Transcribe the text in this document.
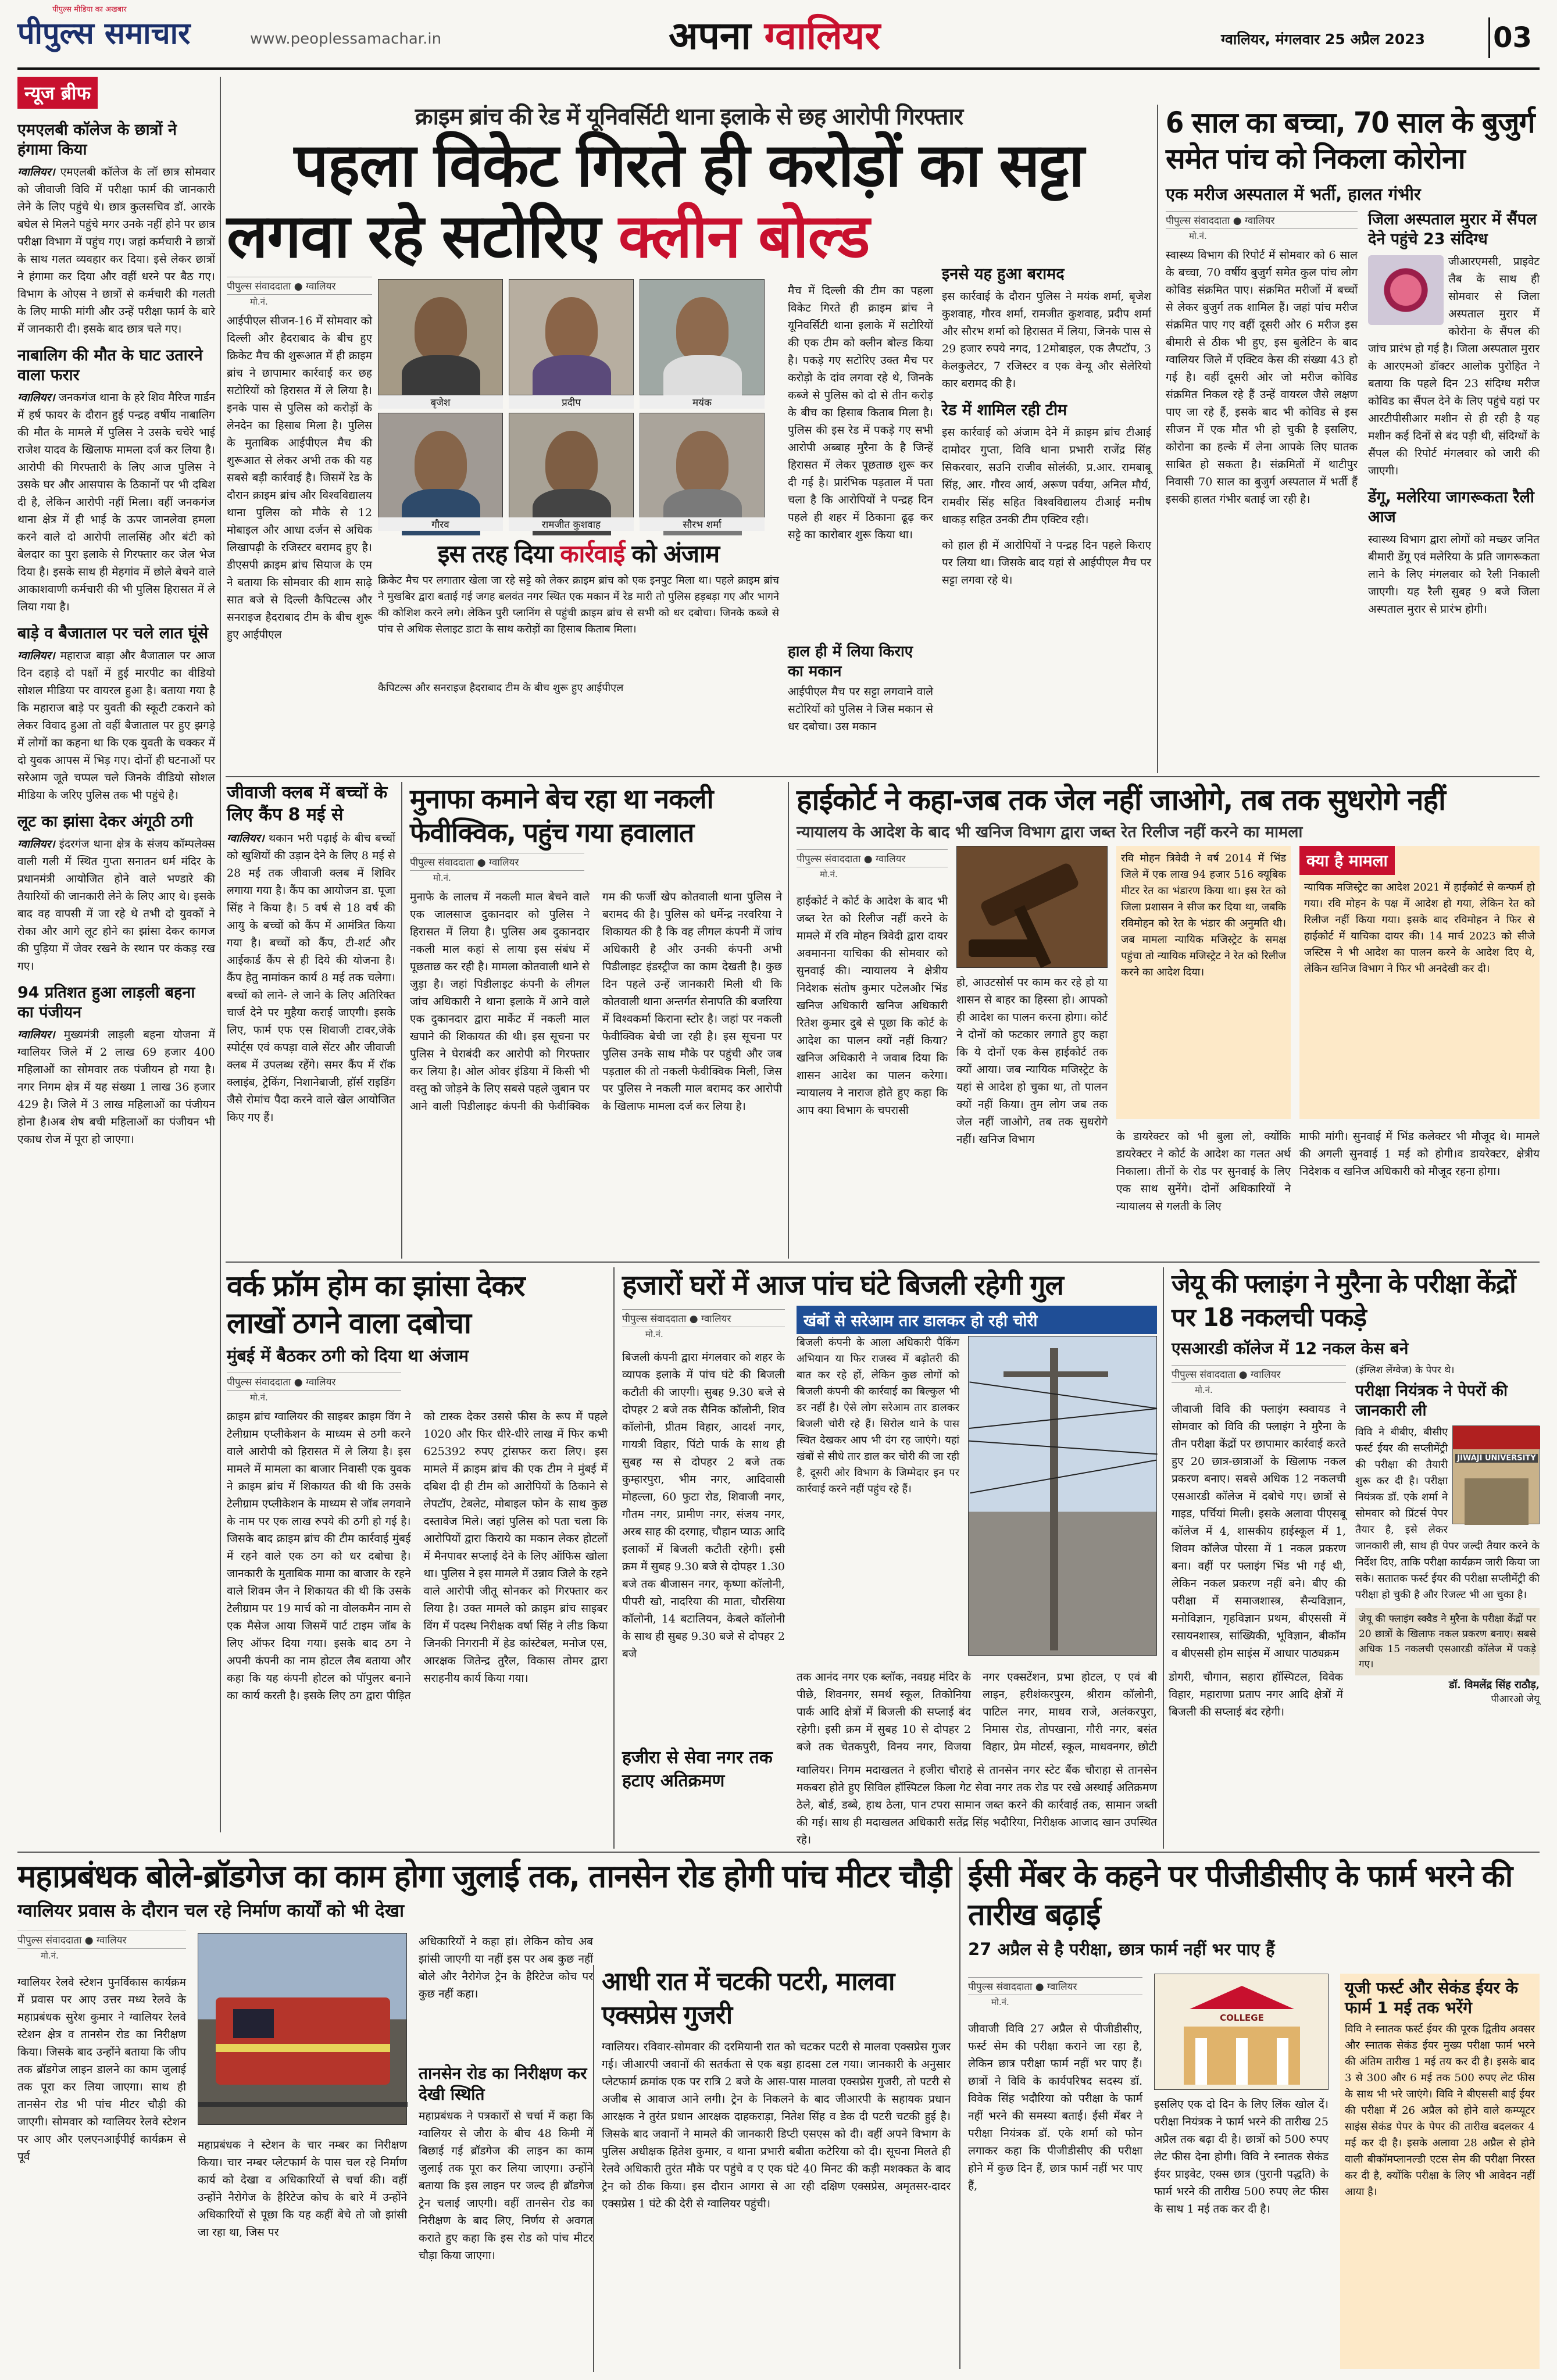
पीपुल्स मीडिया का अखबार
पीपुल्स समाचार	www.peoplessamachar.in	अपना ग्वालियर	ग्वालियर, मंगलवार 25 अप्रैल 2023 03
न्यूज ब्रीफ
एमएलबी कॉलेज के छात्रों ने हंगामा किया
ग्वालियर। एमएलबी कॉलेज के लॉ छात्र सोमवार को जीवाजी विवि में परीक्षा फार्म की जानकारी लेने के लिए पहुंचे थे। छात्र कुलसचिव डॉ. आरके बघेल से मिलने पहुंचे मगर उनके नहीं होने पर छात्र परीक्षा विभाग में पहुंच गए। जहां कर्मचारी ने छात्रों के साथ गलत व्यवहार कर दिया। इसे लेकर छात्रों ने हंगामा कर दिया और वहीं धरने पर बैठ गए। विभाग के ओएस ने छात्रों से कर्मचारी की गलती के लिए माफी मांगी और उन्हें परीक्षा फार्म के बारे में जानकारी दी। इसके बाद छात्र चले गए।
नाबालिग की मौत के घाट उतारने वाला फरार
ग्वालियर। जनकगंज थाना के हरे शिव मैरिज गार्डन में हर्ष फायर के दौरान हुई पन्द्रह वर्षीय नाबालिग की मौत के मामले में पुलिस ने उसके चचेरे भाई राजेश यादव के खिलाफ मामला दर्ज कर लिया है। आरोपी की गिरफ्तारी के लिए आज पुलिस ने उसके घर और आसपास के ठिकानों पर भी दबिश दी है, लेकिन आरोपी नहीं मिला। वहीं जनकगंज थाना क्षेत्र में ही भाई के ऊपर जानलेवा हमला करने वाले दो आरोपी लालसिंह और बंटी को बेलदार का पुरा इलाके से गिरफ्तार कर जेल भेज दिया है। इसके साथ ही मेहगांव में छोले बेचने वाले आकाशवाणी कर्मचारी की भी पुलिस हिरासत में ले लिया गया है।
बाड़े व बैजाताल पर चले लात घूंसे
ग्वालियर। महाराज बाड़ा और बैजाताल पर आज दिन दहाड़े दो पक्षों में हुई मारपीट का वीडियो सोशल मीडिया पर वायरल हुआ है। बताया गया है कि महाराज बाड़े पर युवती की स्कूटी टकराने को लेकर विवाद हुआ तो वहीं बैजाताल पर हुए झगड़े में लोगों का कहना था कि एक युवती के चक्कर में दो युवक आपस में भिड़ गए। दोनों ही घटनाओं पर सरेआम जूते चप्पल चले जिनके वीडियो सोशल मीडिया के जरिए पुलिस तक भी पहुंचे है।
लूट का झांसा देकर अंगूठी ठगी
ग्वालियर। इंदरगंज थाना क्षेत्र के संजय कॉम्पलेक्स वाली गली में स्थित गुप्ता सनातन धर्म मंदिर के प्रधानमंत्री आयोजित होने वाले भण्डारे की तैयारियों की जानकारी लेने के लिए आए थे। इसके बाद वह वापसी में जा रहे थे तभी दो युवकों ने रोका और आगे लूट होने का झांसा देकर कागज की पुड़िया में जेवर रखने के स्थान पर कंकड़ रख गए।
94 प्रतिशत हुआ लाड़ली बहना का पंजीयन
ग्वालियर। मुख्यमंत्री लाड़ली बहना योजना में ग्वालियर जिले में 2 लाख 69 हजार 400 महिलाओं का सोमवार तक पंजीयन हो गया है। नगर निगम क्षेत्र में यह संख्या 1 लाख 36 हजार 429 है। जिले में 3 लाख महिलाओं का पंजीयन होना है।अब शेष बची महिलाओं का पंजीयन भी एकाध रोज में पूरा हो जाएगा।
क्राइम ब्रांच की रेड में यूनिवर्सिटी थाना इलाके से छह आरोपी गिरफ्तार
पहला विकेट गिरते ही करोड़ों का सट्टा
लगवा रहे सटोरिए क्लीन बोल्ड
पीपुल्स संवाददाता ● ग्वालियर
मो.नं.
आईपीएल सीजन-16 में सोमवार को दिल्ली और हैदराबाद के बीच हुए क्रिकेट मैच की शुरूआत में ही क्राइम ब्रांच ने छापामार कार्रवाई कर छह सटोरियों को हिरासत में ले लिया है। इनके पास से पुलिस को करोड़ों के लेनदेन का हिसाब मिला है। पुलिस के मुताबिक आईपीएल मैच की शुरूआत से लेकर अभी तक की यह सबसे बड़ी कार्रवाई है। जिसमें रेड के दौरान क्राइम ब्रांच और विश्वविद्यालय थाना पुलिस को मौके से 12 मोबाइल और आधा दर्जन से अधिक लिखापढ़ी के रजिस्टर बरामद हुए है। डीएसपी क्राइम ब्रांच सियाज के एम ने बताया कि सोमवार की शाम साढ़े सात बजे से दिल्ली कैपिटल्स और सनराइज हैदराबाद टीम के बीच शुरू हुए आईपीएल
बृजेश	प्रदीप	मयंक
गौरव	रामजीत कुशवाह	सौरभ शर्मा
इस तरह दिया कार्रवाई को अंजाम
क्रिकेट मैच पर लगातार खेला जा रहे सट्टे को लेकर क्राइम ब्रांच को एक इनपुट मिला था। पहले क्राइम ब्रांच ने मुखबिर द्वारा बताई गई जगह बलवंत नगर स्थित एक मकान में रेड मारी तो पुलिस हड़बड़ा गए और भागने की कोशिश करने लगे। लेकिन पुरी प्लानिंग से पहुंची क्राइम ब्रांच से सभी को धर दबोचा। जिनके कब्जे से पांच से अधिक सेलाइट डाटा के साथ करोड़ों का हिसाब किताब मिला।
कैपिटल्स और सनराइज हैदराबाद टीम के बीच शुरू हुए आईपीएल
मैच में दिल्ली की टीम का पहला विकेट गिरते ही क्राइम ब्रांच ने यूनिवर्सिटी थाना इलाके में सटोरियों की एक टीम को क्लीन बोल्ड किया है। पकड़े गए सटोरिए उक्त मैच पर करोड़ो के दांव लगवा रहे थे, जिनके कब्जे से पुलिस को दो से तीन करोड़ के बीच का हिसाब किताब मिला है। पुलिस की इस रेड में पकड़े गए सभी आरोपी अब्बाह मुरैना के है जिन्हें हिरासत में लेकर पूछताछ शुरू कर दी गई है। प्रारंभिक पड़ताल में पता चला है कि आरोपियों ने पन्द्रह दिन पहले ही शहर में ठिकाना ढूढ़ कर सट्टे का कारोबार शुरू किया था।
हाल ही में लिया किराए का मकान
आईपीएल मैच पर सट्टा लगवाने वाले सटोरियों को पुलिस ने जिस मकान से धर दबोचा। उस मकान
इनसे यह हुआ बरामद
इस कार्रवाई के दौरान पुलिस ने मयंक शर्मा, बृजेश कुशवाह, गौरव शर्मा, रामजीत कुशवाह, प्रदीप शर्मा और सौरभ शर्मा को हिरासत में लिया, जिनके पास से 29 हजार रुपये नगद, 12मोबाइल, एक लैपटॉप, 3 केलकुलेटर, 7 रजिस्टर व एक वेन्यू और सेलेरियो कार बरामद की है।
रेड में शामिल रही टीम
इस कार्रवाई को अंजाम देने में क्राइम ब्रांच टीआई दामोदर गुप्ता, विवि थाना प्रभारी राजेंद्र सिंह सिकरवार, सउनि राजीव सोलंकी, प्र.आर. रामबाबू सिंह, आर. गौरव आर्य, अरूण पर्वया, अनिल मौर्य, रामवीर सिंह सहित विश्वविद्यालय टीआई मनीष धाकड़ सहित उनकी टीम एक्टिव रही।
को हाल ही में आरोपियों ने पन्द्रह दिन पहले किराए पर लिया था। जिसके बाद यहां से आईपीएल मैच पर सट्टा लगवा रहे थे।
6 साल का बच्चा, 70 साल के बुजुर्ग समेत पांच को निकला कोरोना
एक मरीज अस्पताल में भर्ती, हालत गंभीर
पीपुल्स संवाददाता ● ग्वालियर
मो.नं.
स्वास्थ्य विभाग की रिपोर्ट में सोमवार को 6 साल के बच्चा, 70 वर्षीय बुजुर्ग समेत कुल पांच लोग कोविड संक्रमित पाए। संक्रमित मरीजों में बच्चों से लेकर बुजुर्ग तक शामिल हैं। जहां पांच मरीज संक्रमित पाए गए वहीं दूसरी ओर 6 मरीज इस बीमारी से ठीक भी हुए, इस बुलेटिन के बाद ग्वालियर जिले में एक्टिव केस की संख्या 43 हो गई है। वहीं दूसरी ओर जो मरीज कोविड संक्रमित निकल रहे हैं उन्हें वायरल जैसे लक्षण पाए जा रहे हैं, इसके बाद भी कोविड से इस सीजन में एक मौत भी हो चुकी है इसलिए, कोरोना का हल्के में लेना आपके लिए घातक साबित हो सकता है। संक्रमितों में थाटीपुर निवासी 70 साल का बुजुर्ग अस्पताल में भर्ती हैं इसकी हालत गंभीर बताई जा रही है।
जिला अस्पताल मुरार में सैंपल देने पहुंचे 23 संदिग्ध
जीआरएमसी, प्राइवेट लैब के साथ ही सोमवार से जिला अस्पताल मुरार में कोरोना के सैंपल की जांच प्रारंभ हो गई है। जिला अस्पताल मुरार के आरएमओ डॉक्टर आलोक पुरोहित ने बताया कि पहले दिन 23 संदिग्ध मरीज कोविड का सैंपल देने के लिए पहुंचे यहां पर आरटीपीसीआर मशीन से ही रही है यह मशीन कई दिनों से बंद पड़ी थी, संदिग्धों के सैंपल की रिपोर्ट मंगलवार को जारी की जाएगी।
डेंगू, मलेरिया जागरूकता रैली आज
स्वास्थ्य विभाग द्वारा लोगों को मच्छर जनित बीमारी डेंगू एवं मलेरिया के प्रति जागरूकता लाने के लिए मंगलवार को रैली निकाली जाएगी। यह रैली सुबह 9 बजे जिला अस्पताल मुरार से प्रारंभ होगी।
जीवाजी क्लब में बच्चों के लिए कैंप 8 मई से
ग्वालियर। थकान भरी पढ़ाई के बीच बच्चों को खुशियों की उड़ान देने के लिए 8 मई से 28 मई तक जीवाजी क्लब में शिविर लगाया गया है। कैंप का आयोजन डा. पूजा सिंह ने किया है। 5 वर्ष से 18 वर्ष की आयु के बच्चों को कैंप में आमंत्रित किया गया है। बच्चों को कैंप, टी-शर्ट और आईकार्ड कैंप से ही दिये की योजना है। कैंप हेतु नामांकन कार्य 8 मई तक चलेगा। बच्चों को लाने- ले जाने के लिए अतिरिक्त चार्ज देने पर मुहैया कराई जाएगी। इसके लिए, फार्म एफ एस शिवाजी टावर,जेके स्पोर्ट्स एवं कपड़ा वाले सेंटर और जीवाजी क्लब में उपलब्ध रहेंगे। समर कैंप में रॉक क्लाइंब, ट्रेकिंग, निशानेबाजी, हॉर्स राइडिंग जैसे रोमांच पैदा करने वाले खेल आयोजित किए गए हैं।
मुनाफा कमाने बेच रहा था नकली फेवीक्विक, पहुंच गया हवालात
पीपुल्स संवाददाता ● ग्वालियर
मो.नं.
मुनाफे के लालच में नकली माल बेचने वाले एक जालसाज दुकानदार को पुलिस ने हिरासत में लिया है। पुलिस अब दुकानदार नकली माल कहां से लाया इस संबंध में पूछताछ कर रही है। मामला कोतवाली थाने से जुड़ा है। जहां पिडीलाइट कंपनी के लीगल जांच अधिकारी ने थाना इलाके में आने वाले एक दुकानदार द्वारा मार्केट में नकली माल खपाने की शिकायत की थी। इस सूचना पर पुलिस ने घेराबंदी कर आरोपी को गिरफ्तार कर लिया है। ओल ओवर इंडिया में किसी भी वस्तु को जोड़ने के लिए सबसे पहले जुबान पर आने वाली पिडीलाइट कंपनी की फेवीक्विक गम की फर्जी खेप कोतवाली थाना पुलिस ने बरामद की है। पुलिस को धर्मेन्द्र नरवरिया ने शिकायत की है कि वह लीगल कंपनी में जांच अधिकारी है और उनकी कंपनी अभी पिडीलाइट इंडस्ट्रीज का काम देखती है। कुछ दिन पहले उन्हें जानकारी मिली थी कि कोतवाली थाना अन्तर्गत सेनापति की बजरिया में विश्वकर्मा किराना स्टोर है। जहां पर नकली फेवीक्विक बेची जा रही है। इस सूचना पर पुलिस उनके साथ मौके पर पहुंची और जब पड़ताल की तो नकली फेवीक्विक मिली, जिस पर पुलिस ने नकली माल बरामद कर आरोपी के खिलाफ मामला दर्ज कर लिया है।
हाईकोर्ट ने कहा-जब तक जेल नहीं जाओगे, तब तक सुधरोगे नहीं
न्यायालय के आदेश के बाद भी खनिज विभाग द्वारा जब्त रेत रिलीज नहीं करने का मामला
पीपुल्स संवाददाता ● ग्वालियर
मो.नं.
हाईकोर्ट ने कोर्ट के आदेश के बाद भी जब्त रेत को रिलीज नहीं करने के मामले में रवि मोहन त्रिवेदी द्वारा दायर अवमानना याचिका की सोमवार को सुनवाई की। न्यायालय ने क्षेत्रीय निदेशक संतोष कुमार पटेलऔर भिंड खनिज अधिकारी खनिज अधिकारी रितेश कुमार दुबे से पूछा कि कोर्ट के आदेश का पालन क्यों नहीं किया? खनिज अधिकारी ने जवाब दिया कि शासन आदेश का पालन करेगा। न्यायालय ने नाराज होते हुए कहा कि आप क्या विभाग के चपरासी
हो, आउटसोर्स पर काम कर रहे हो या शासन से बाहर का हिस्सा हो। आपको ही आदेश का पालन करना होगा। कोर्ट ने दोनों को फटकार लगाते हुए कहा कि ये दोनों एक केस हाईकोर्ट तक क्यों आया। जब न्यायिक मजिस्ट्रेट के यहां से आदेश हो चुका था, तो पालन क्यों नहीं किया। तुम लोग जब तक जेल नहीं जाओगे, तब तक सुधरोगे नहीं। खनिज विभाग
रवि मोहन त्रिवेदी ने वर्ष 2014 में भिंड जिले में एक लाख 94 हजार 516 क्यूबिक मीटर रेत का भंडारण किया था। इस रेत को जिला प्रशासन ने सीज कर दिया था, जबकि रविमोहन को रेत के भंडार की अनुमति थी। जब मामला न्यायिक मजिस्ट्रेट के समक्ष पहुंचा तो न्यायिक मजिस्ट्रेट ने रेत को रिलीज करने का आदेश दिया।
क्या है मामला
न्यायिक मजिस्ट्रेट का आदेश 2021 में हाईकोर्ट से कन्फर्म हो गया। रवि मोहन के पक्ष में आदेश हो गया, लेकिन रेत को रिलीज नहीं किया गया। इसके बाद रविमोहन ने फिर से हाईकोर्ट में याचिका दायर की। 14 मार्च 2023 को सीजे जस्टिस ने भी आदेश का पालन करने के आदेश दिए थे, लेकिन खनिज विभाग ने फिर भी अनदेखी कर दी।
के डायरेक्टर को भी बुला लो, क्योंकि डायरेक्टर ने कोर्ट के आदेश का गलत अर्थ निकाला। तीनों के रोड पर सुनवाई के लिए एक साथ सुनेंगे। दोनों अधिकारियों ने न्यायालय से गलती के लिए
माफी मांगी। सुनवाई में भिंड कलेक्टर भी मौजूद थे। मामले की अगली सुनवाई 1 मई को होगी।व डायरेक्टर, क्षेत्रीय निदेशक व खनिज अधिकारी को मौजूद रहना होगा।
वर्क फ्रॉम होम का झांसा देकर
लाखों ठगने वाला दबोचा
मुंबई में बैठकर ठगी को दिया था अंजाम
पीपुल्स संवाददाता ● ग्वालियर
मो.नं.
क्राइम ब्रांच ग्वालियर की साइबर क्राइम विंग ने टेलीग्राम एप्लीकेशन के माध्यम से ठगी करने वाले आरोपी को हिरासत में ले लिया है। इस मामले में मामला का बाजार निवासी एक युवक ने क्राइम ब्रांच में शिकायत की थी कि उसके टेलीग्राम एप्लीकेशन के माध्यम से जॉब लगवाने के नाम पर एक लाख रुपये की ठगी हो गई है। जिसके बाद क्राइम ब्रांच की टीम कार्रवाई मुंबई में रहने वाले एक ठग को धर दबोचा है। जानकारी के मुताबिक मामा का बाजार के रहने वाले शिवम जैन ने शिकायत की थी कि उसके टेलीग्राम पर 19 मार्च को ना वोलकमैन नाम से एक मैसेज आया जिसमें पार्ट टाइम जॉब के लिए ऑफर दिया गया। इसके बाद ठग ने अपनी कंपनी का नाम होटल लैब बताया और कहा कि यह कंपनी होटल को पॉपुलर बनाने का कार्य करती है। इसके लिए ठग द्वारा पीड़ित को टास्क देकर उससे फीस के रूप में पहले 1020 और फिर धीरे-धीरे लाख में फिर कभी 625392 रुपए ट्रांसफर करा लिए। इस मामले में क्राइम ब्रांच की एक टीम ने मुंबई में दबिश दी ही टीम को आरोपियों के ठिकाने से लेपटॉप, टेबलेट, मोबाइल फोन के साथ कुछ दस्तावेज मिले। जहां पुलिस को पता चला कि आरोपियों द्वारा किराये का मकान लेकर होटलों में मैनपावर सप्लाई देने के लिए ऑफिस खोला था। पुलिस ने इस मामले में उन्नाव जिले के रहने वाले आरोपी जीतू सोनकर को गिरफ्तार कर लिया है। उक्त मामले को क्राइम ब्रांच साइबर विंग में पदस्थ निरीक्षक वर्षा सिंह ने लीड किया जिनकी निगरानी में हेड कांस्टेबल, मनोज एस, आरक्षक जितेन्द्र तुरैल, विकास तोमर द्वारा सराहनीय कार्य किया गया।
हजारों घरों में आज पांच घंटे बिजली रहेगी गुल
पीपुल्स संवाददाता ● ग्वालियर
मो.नं.
बिजली कंपनी द्वारा मंगलवार को शहर के व्यापक इलाके में पांच घंटे की बिजली कटौती की जाएगी। सुबह 9.30 बजे से दोपहर 2 बजे तक सैनिक कॉलोनी, शिव कॉलोनी, प्रीतम विहार, आदर्श नगर, गायत्री विहार, पिंटो पार्क के साथ ही सुबह ग्स से दोपहर 2 बजे तक कुम्हारपुरा, भीम नगर, आदिवासी मोहल्ला, 60 फुटा रोड, शिवाजी नगर, गौतम नगर, प्रामीण नगर, संजय नगर, अरब साह की दरगाह, चौहान प्याऊ आदि इलाकों में बिजली कटौती रहेगी। इसी क्रम में सुबह 9.30 बजे से दोपहर 1.30 बजे तक बीजासन नगर, कृष्णा कॉलोनी, पीपरी खो, नादरिया की माता, चौरसिया कॉलोनी, 14 बटालियन, केबले कॉलोनी के साथ ही सुबह 9.30 बजे से दोपहर 2 बजे
तक आनंद नगर एक ब्लॉक, नवग्रह मंदिर के पीछे, शिवनगर, समर्थ स्कूल, तिकोनिया पार्क आदि क्षेत्रों में बिजली की सप्लाई बंद रहेगी। इसी क्रम में सुबह 10 से दोपहर 2 बजे तक चेतकपुरी, विनय नगर, विजया नगर एक्सटेंशन, प्रभा होटल, ए एवं बी लाइन, हरीशंकरपुरम, श्रीराम कॉलोनी, पाटिल नगर, माधव राजे, अलंकरपुरा, निमास रोड, तोपखाना, गौरी नगर, बसंत विहार, प्रेम मोटर्स, स्कूल, माधवनगर, छोटी डोगरी, चौगान, सहारा हॉस्पिटल, विवेक विहार, महाराणा प्रताप नगर आदि क्षेत्रों में बिजली की सप्लाई बंद रहेगी।
खंबों से सरेआम तार डालकर हो रही चोरी
बिजली कंपनी के आला अधिकारी पैकिंग अभियान या फिर राजस्व में बढ़ोतरी की बात कर रहे हों, लेकिन कुछ लोगों को बिजली कंपनी की कार्रवाई का बिल्कुल भी डर नहीं है। ऐसे लोग सरेआम तार डालकर बिजली चोरी रहे हैं। सिरोल थाने के पास स्थित देखकर आप भी दंग रह जाएंगे। यहां खंबों से सीधे तार डाल कर चोरी की जा रही है, दूसरी ओर विभाग के जिम्मेदार इन पर कार्रवाई करने नहीं पहुंच रहे हैं।
हजीरा से सेवा नगर तक हटाए अतिक्रमण
ग्वालियर। निगम मदाखलत ने हजीरा चौराहे से तानसेन नगर स्टेट बैंक चौराहा से तानसेन मकबरा होते हुए सिविल हॉस्पिटल किला गेट सेवा नगर तक रोड पर रखे अस्थाई अतिक्रमण ठेले, बोर्ड, डब्बे, हाथ ठेला, पान टपरा सामान जब्त करने की कार्रवाई तक, सामान जब्ती की गई। साथ ही मदाखलत अधिकारी सतेंद्र सिंह भदौरिया, निरीक्षक आजाद खान उपस्थित रहे।
जेयू की फ्लाइंग ने मुरैना के परीक्षा केंद्रों पर 18 नकलची पकड़े
एसआरडी कॉलेज में 12 नकल केस बने
पीपुल्स संवाददाता ● ग्वालियर
मो.नं.
जीवाजी विवि की फ्लाइंग स्क्वायड ने सोमवार को विवि की फ्लाइंग ने मुरैना के तीन परीक्षा केंद्रों पर छापामार कार्रवाई करते हुए 20 छात्र-छात्राओं के खिलाफ नकल प्रकरण बनाए। सबसे अधिक 12 नकलची एसआरडी कॉलेज में दबोचे गए। छात्रों से गाइड, पर्चियां मिली। इसके अलावा पीएसबू कॉलेज में 4, शासकीय हाईस्कूल में 1, शिवम कॉलेज पोरसा में 1 नकल प्रकरण बना। वहीं पर फ्लाइंग भिंड भी गई थी, लेकिन नकल प्रकरण नहीं बने। बीए की परीक्षा में समाजशास्त्र, सैन्यविज्ञान, मनोविज्ञान, गृहविज्ञान प्रथम, बीएससी में रसायनशास्त्र, सांख्यिकी, भूविज्ञान, बीकॉम व बीएससी होम साइंस में आधार पाठ्यक्रम
(इंग्लिश लेंग्वेज) के पेपर थे।
परीक्षा नियंत्रक ने पेपरों की जानकारी ली
JIWAJI UNIVERSITY
विवि ने बीबीए, बीसीए फर्स्ट ईयर की सप्लीमेंट्री की परीक्षा की तैयारी शुरू कर दी है। परीक्षा नियंत्रक डॉ. एके शर्मा ने सोमवार को प्रिंटर्स पेपर तैयार है, इसे लेकर जानकारी ली, साथ ही पेपर जल्दी तैयार करने के निर्देश दिए, ताकि परीक्षा कार्यक्रम जारी किया जा सके। सतातक फर्स्ट ईयर की परीक्षा सप्लीमेंट्री की परीक्षा हो चुकी है और रिजल्ट भी आ चुका है।
जेयू की फ्लाइंग स्क्वैड ने मुरैना के परीक्षा केंद्रों पर 20 छात्रों के खिलाफ नकल प्रकरण बनाए। सबसे अधिक 15 नकलची एसआरडी कॉलेज में पकड़े गए।
डॉ. विमलेंद्र सिंह राठौड़,
पीआरओ जेयू
महाप्रबंधक बोले-ब्रॉडगेज का काम होगा जुलाई तक, तानसेन रोड होगी पांच मीटर चौड़ी
ग्वालियर प्रवास के दौरान चल रहे निर्माण कार्यों को भी देखा
पीपुल्स संवाददाता ● ग्वालियर
मो.नं.
ग्वालियर रेलवे स्टेशन पुनर्विकास कार्यक्रम में प्रवास पर आए उत्तर मध्य रेलवे के महाप्रबंधक सुरेश कुमार ने ग्वालियर रेलवे स्टेशन क्षेत्र व तानसेन रोड का निरीक्षण किया। जिसके बाद उन्होंने बताया कि जीप तक ब्रॉडगेज लाइन डालने का काम जुलाई तक पूरा कर लिया जाएगा। साथ ही तानसेन रोड भी पांच मीटर चौड़ी की जाएगी। सोमवार को ग्वालियर रेलवे स्टेशन पर आए और एलएनआईपीई कार्यक्रम से पूर्व
महाप्रबंधक ने स्टेशन के चार नम्बर का निरीक्षण किया। चार नम्बर प्लेटफार्म के पास चल रहे निर्माण कार्य को देखा व अधिकारियों से चर्चा की। वहीं उन्होंने नैरोगेज के हैरिटेज कोच के बारे में उन्होंने अधिकारियों से पूछा कि यह कहीं बेचे तो जो झांसी जा रहा था, जिस पर
अधिकारियों ने कहा हां। लेकिन कोच अब झांसी जाएगी या नहीं इस पर अब कुछ नहीं बोले और नैरोगेज ट्रेन के हैरिटेज कोच पर कुछ नहीं कहा।
तानसेन रोड का निरीक्षण कर देखी स्थिति
महाप्रबंधक ने पत्रकारों से चर्चा में कहा कि ग्वालियर से जौरा के बीच 48 किमी में बिछाई गई ब्रॉडगेज की लाइन का काम जुलाई तक पूरा कर लिया जाएगा। उन्होंने बताया कि इस लाइन पर जल्द ही ब्रॉडगेज ट्रेन चलाई जाएगी। वहीं तानसेन रोड का निरीक्षण के बाद लिए, निर्णय से अवगत कराते हुए कहा कि इस रोड को पांच मीटर चौड़ा किया जाएगा।
आधी रात में चटकी पटरी, मालवा एक्सप्रेस गुजरी
ग्वालियर। रविवार-सोमवार की दरमियानी रात को चटकर पटरी से मालवा एक्सप्रेस गुजर गई। जीआरपी जवानों की सतर्कता से एक बड़ा हादसा टल गया। जानकारी के अनुसार प्लेटफार्म क्रमांक एक पर रात्रि 2 बजे के आस-पास मालवा एक्सप्रेस गुजरी, तो पटरी से अजीब से आवाज आने लगी। ट्रेन के निकलने के बाद जीआरपी के सहायक प्रधान आरक्षक ने तुरंत प्रधान आरक्षक दाहकराड़ा, नितेश सिंह व डेक दी पटरी चटकी हुई है। जिसके बाद जवानों ने मामले की जानकारी डिप्टी एसएस को दी। वहीं अपने विभाग के पुलिस अधीक्षक हितेश कुमार, व थाना प्रभारी बबीता कटेरिया को दी। सूचना मिलते ही रेलवे अधिकारी तुरंत मौके पर पहुंचे व ए एक घंटे 40 मिनट की कड़ी मशक्कत के बाद ट्रेन को ठीक किया। इस दौरान आगरा से आ रही दक्षिण एक्सप्रेस, अमृतसर-दादर एक्सप्रेस 1 घंटे की देरी से ग्वालियर पहुंची।
ईसी मेंबर के कहने पर पीजीडीसीए के फार्म भरने की तारीख बढ़ाई
27 अप्रैल से है परीक्षा, छात्र फार्म नहीं भर पाए हैं
पीपुल्स संवाददाता ● ग्वालियर
मो.नं.
जीवाजी विवि 27 अप्रैल से पीजीडीसीए, फर्स्ट सेम की परीक्षा कराने जा रहा है, लेकिन छात्र परीक्षा फार्म नहीं भर पाए हैं। छात्रों ने विवि के कार्यपरिषद सदस्य डॉ. विवेक सिंह भदौरिया को परीक्षा के फार्म नहीं भरने की समस्या बताई। ईसी मेंबर ने परीक्षा नियंत्रक डॉ. एके शर्मा को फोन लगाकर कहा कि पीजीडीसीए की परीक्षा होने में कुछ दिन हैं, छात्र फार्म नहीं भर पाए हैं,
COLLEGE
इसलिए एक दो दिन के लिए लिंक खोल दें। परीक्षा नियंत्रक ने फार्म भरने की तारीख 25 अप्रैल तक बढ़ा दी है। छात्रों को 500 रुपए लेट फीस देना होगी। विवि ने स्नातक सेकंड ईयर प्राइवेट, एक्स छात्र (पुरानी पद्धति) के फार्म भरने की तारीख 500 रुपए लेट फीस के साथ 1 मई तक कर दी है।
यूजी फर्स्ट और सेकंड ईयर के फार्म 1 मई तक भरेंगे
विवि ने स्नातक फर्स्ट ईयर की पूरक द्वितीय अवसर और स्नातक सेकंड ईयर मुख्य परीक्षा फार्म भरने की अंतिम तारीख 1 मई तय कर दी है। इसके बाद 3 से 300 और 6 मई तक 500 रुपए लेट फीस के साथ भी भरे जाएंगे। विवि ने बीएससी बाई ईयर की परीक्षा में 26 अप्रैल को होने वाले कम्प्यूटर साइंस सेकंड पेपर के पेपर की तारीख बदलकर 4 मई कर दी है। इसके अलावा 28 अप्रैल से होने वाली बीकॉमप्लानल्डी एटस सेम की परीक्षा निरस्त कर दी है, क्योंकि परीक्षा के लिए भी आवेदन नहीं आया है।
